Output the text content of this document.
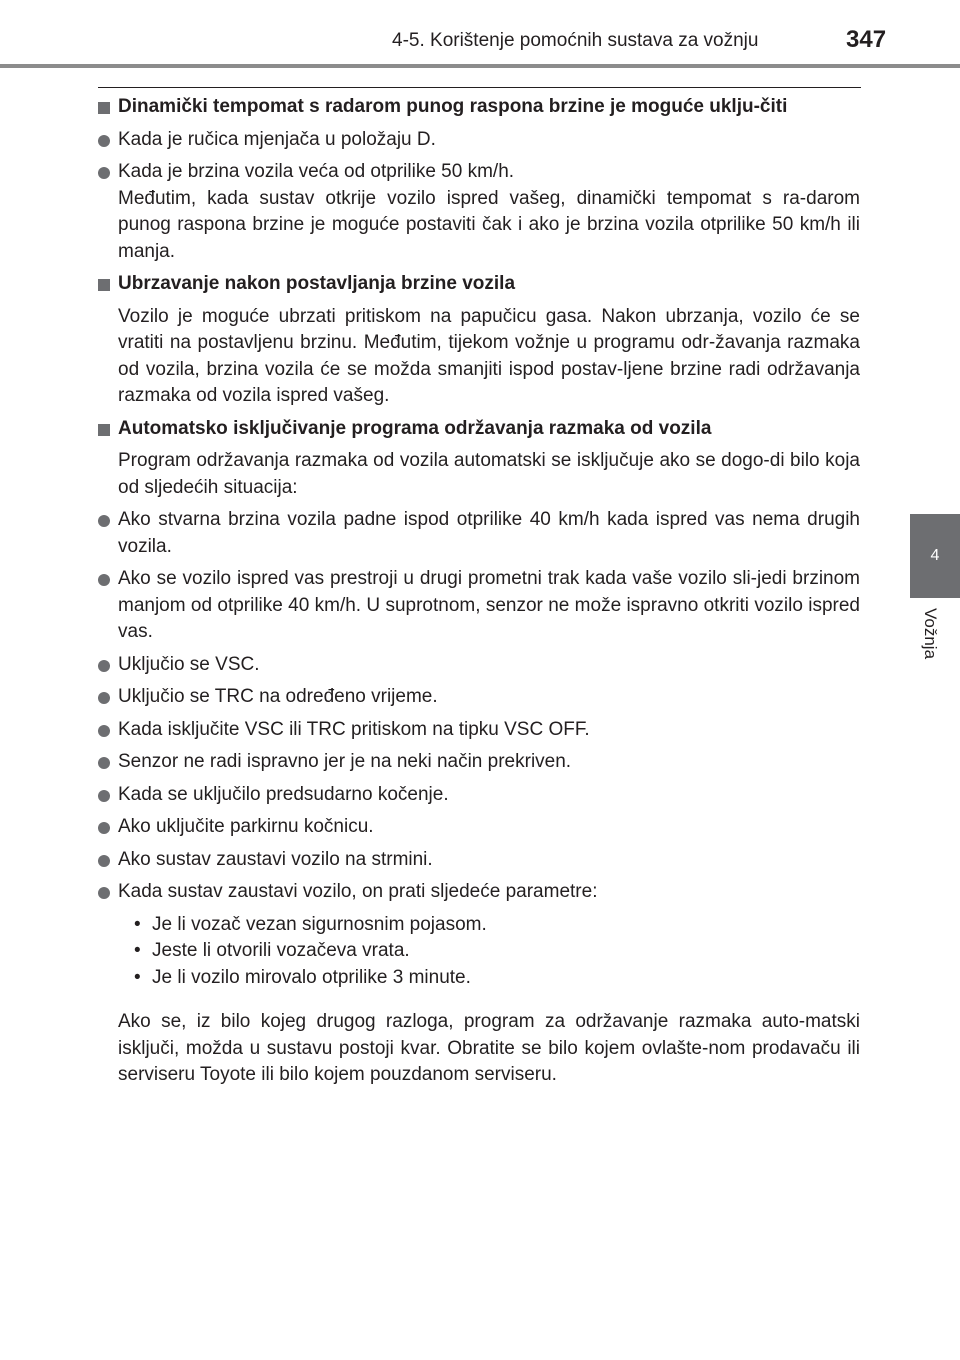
4-5. Korištenje pomoćnih sustava za vožnju	347
4
Vožnja
Dinamički tempomat s radarom punog raspona brzine je moguće uklju-čiti
Kada je ručica mjenjača u položaju D.
Kada je brzina vozila veća od otprilike 50 km/h.
Međutim, kada sustav otkrije vozilo ispred vašeg, dinamički tempomat s ra-darom punog raspona brzine je moguće postaviti čak i ako je brzina vozila otprilike 50 km/h ili manja.
Ubrzavanje nakon postavljanja brzine vozila
Vozilo je moguće ubrzati pritiskom na papučicu gasa. Nakon ubrzanja, vozilo će se vratiti na postavljenu brzinu. Međutim, tijekom vožnje u programu odr-žavanja razmaka od vozila, brzina vozila će se možda smanjiti ispod postav-ljene brzine radi održavanja razmaka od vozila ispred vašeg.
Automatsko isključivanje programa održavanja razmaka od vozila
Program održavanja razmaka od vozila automatski se isključuje ako se dogo-di bilo koja od sljedećih situacija:
Ako stvarna brzina vozila padne ispod otprilike 40 km/h kada ispred vas nema drugih vozila.
Ako se vozilo ispred vas prestroji u drugi prometni trak kada vaše vozilo sli-jedi brzinom manjom od otprilike 40 km/h. U suprotnom, senzor ne može ispravno otkriti vozilo ispred vas.
Uključio se VSC.
Uključio se TRC na određeno vrijeme.
Kada isključite VSC ili TRC pritiskom na tipku VSC OFF.
Senzor ne radi ispravno jer je na neki način prekriven.
Kada se uključilo predsudarno kočenje.
Ako uključite parkirnu kočnicu.
Ako sustav zaustavi vozilo na strmini.
Kada sustav zaustavi vozilo, on prati sljedeće parametre:
• Je li vozač vezan sigurnosnim pojasom.
• Jeste li otvorili vozačeva vrata.
• Je li vozilo mirovalo otprilike 3 minute.
Ako se, iz bilo kojeg drugog razloga, program za održavanje razmaka auto-matski isključi, možda u sustavu postoji kvar. Obratite se bilo kojem ovlašte-nom prodavaču ili serviseru Toyote ili bilo kojem pouzdanom serviseru.
